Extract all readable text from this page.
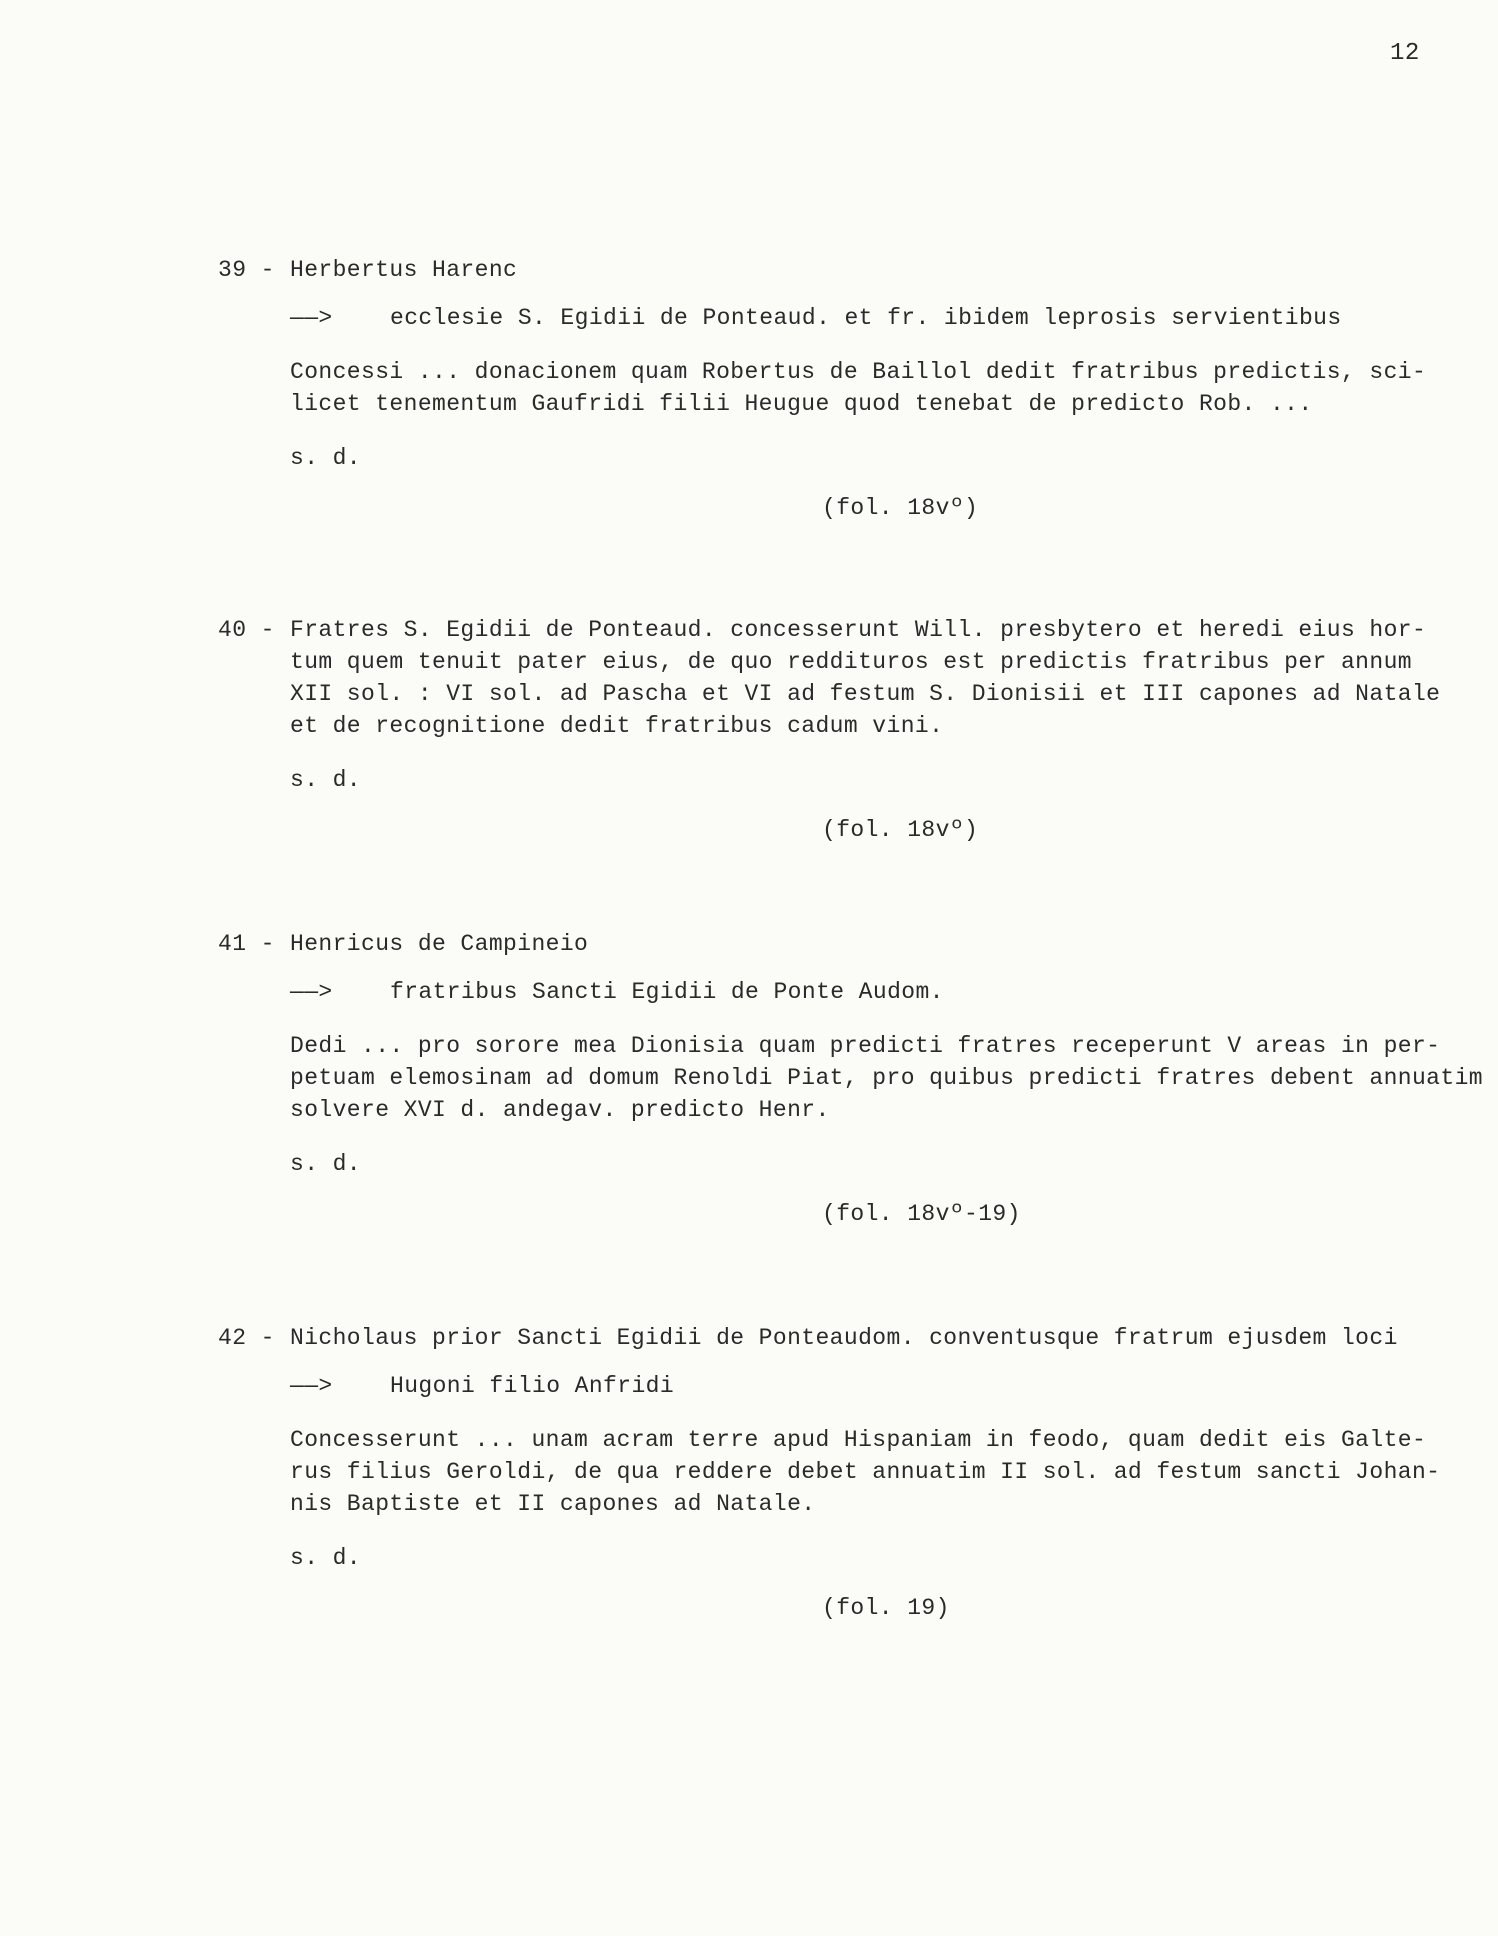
12
39 - Herbertus Harenc
——> ecclesie S. Egidii de Ponteaud. et fr. ibidem leprosis servientibus
Concessi ... donacionem quam Robertus de Baillol dedit fratribus predictis, sci-
licet tenementum Gaufridi filii Heugue quod tenebat de predicto Rob. ...
s. d.
(fol. 18vº)
40 - Fratres S. Egidii de Ponteaud. concesserunt Will. presbytero et heredi eius hor-
tum quem tenuit pater eius, de quo reddituros est predictis fratribus per annum
XII sol. : VI sol. ad Pascha et VI ad festum S. Dionisii et III capones ad Natale
et de recognitione dedit fratribus cadum vini.
s. d.
(fol. 18vº)
41 - Henricus de Campineio
——> fratribus Sancti Egidii de Ponte Audom.
Dedi ... pro sorore mea Dionisia quam predicti fratres receperunt V areas in per-
petuam elemosinam ad domum Renoldi Piat, pro quibus predicti fratres debent annuatim
solvere XVI d. andegav. predicto Henr.
s. d.
(fol. 18vº-19)
42 - Nicholaus prior Sancti Egidii de Ponteaudom. conventusque fratrum ejusdem loci
——> Hugoni filio Anfridi
Concesserunt ... unam acram terre apud Hispaniam in feodo, quam dedit eis Galte-
rus filius Geroldi, de qua reddere debet annuatim II sol. ad festum sancti Johan-
nis Baptiste et II capones ad Natale.
s. d.
(fol. 19)
